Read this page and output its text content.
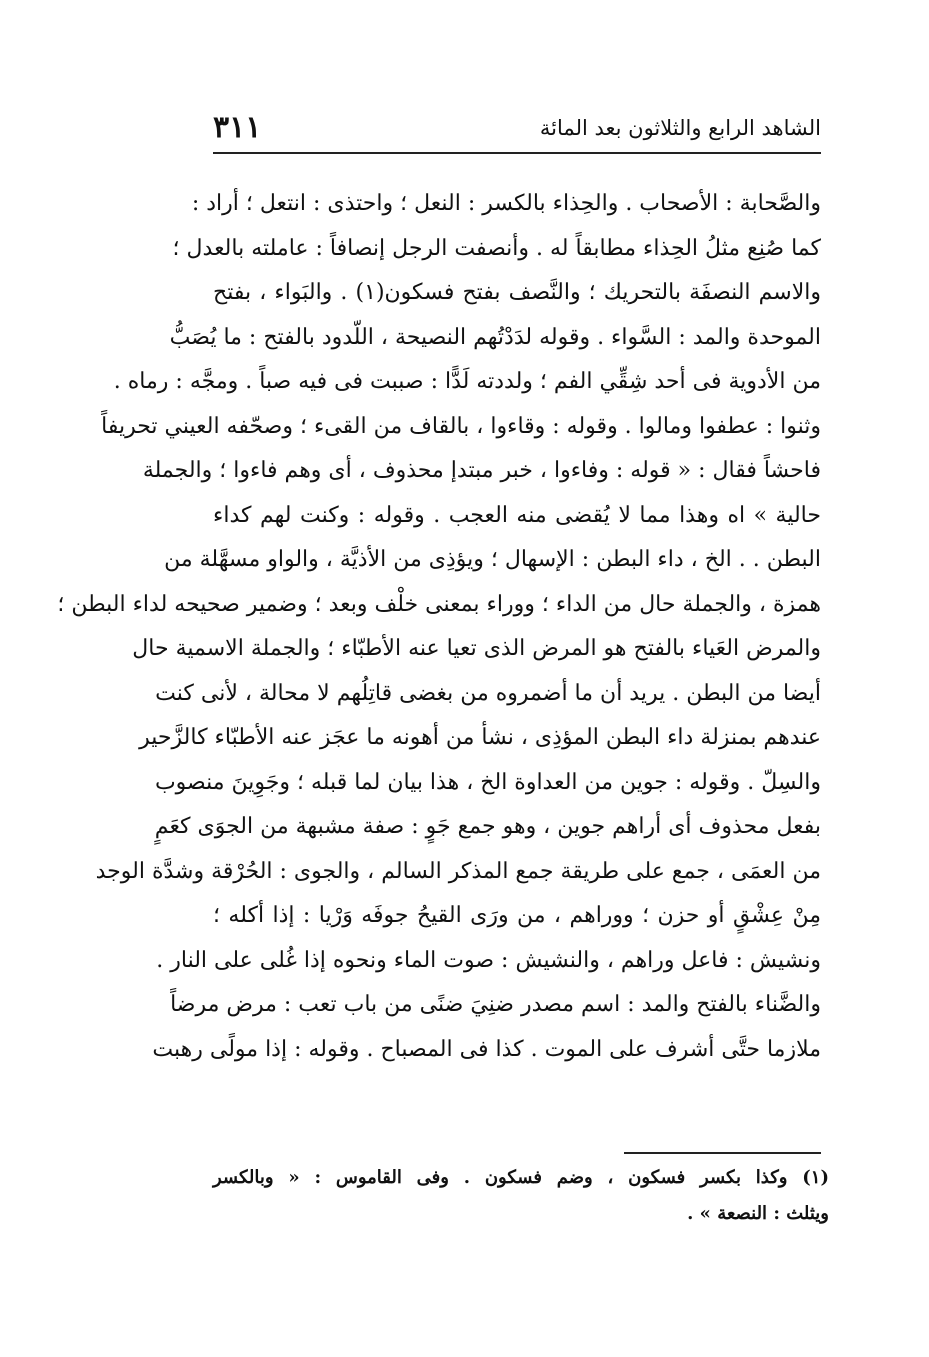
الشاهد الرابع والثلاثون بعد المائة
٣١١
والصَّحابة : الأصحاب . والحِذاء بالكسر : النعل ؛ واحتذى : انتعل ؛ أراد :
كما صُنِع مثلُ الحِذاء مطابقاً له . وأنصفت الرجل إنصافاً : عاملته بالعدل ؛
والاسم النصفَة بالتحريك ؛ والنَّصف بفتح فسكون(١) . والبَواء ، بفتح
الموحدة والمد : السَّواء . وقوله لدَدْتُهم النصيحة ، اللّدود بالفتح : ما يُصَبُّ
من الأدوية فى أحد شِقِّي الفم ؛ ولددته لَدًّا : صببت فى فيه صباً . ومجَّه : رماه .
وثنوا : عطفوا ومالوا . وقوله : وقاءوا ، بالقاف من القىء ؛ وصحّفه العيني تحريفاً
فاحشاً فقال : « قوله : وفاءوا ، خبر مبتدإ محذوف ، أى وهم فاءوا ؛ والجملة
حالية » اه وهذا مما لا يُقضى منه العجب . وقوله : وكنت لهم كداء
البطن . . الخ ، داء البطن : الإسهال ؛ ويؤذِى من الأذيَّة ، والواو مسهَّلة من
همزة ، والجملة حال من الداء ؛ ووراء بمعنى خلْف وبعد ؛ وضمير صحيحه لداء البطن ؛
والمرض العَياء بالفتح هو المرض الذى تعيا عنه الأطبّاء ؛ والجملة الاسمية حال
أيضا من البطن . يريد أن ما أضمروه من بغضى قاتِلُهم لا محالة ، لأنى كنت
عندهم بمنزلة داء البطن المؤذِى ، نشأ من أهونه ما عجَز عنه الأطبّاء كالزَّحير
والسِلّ . وقوله : جوين من العداوة الخ ، هذا بيان لما قبله ؛ وجَوِينَ منصوب
بفعل محذوف أى أراهم جوين ، وهو جمع جَوٍ : صفة مشبهة من الجوَى كعَمٍ
من العمَى ، جمع على طريقة جمع المذكر السالم ، والجوى : الحُرْقة وشدَّة الوجد
مِنْ عِشْقٍ أو حزن ؛ ووراهم ، من ورَى القيحُ جوفَه وَرْيا : إذا أكله ؛
ونشيش : فاعل وراهم ، والنشيش : صوت الماء ونحوه إذا غُلى على النار .
والضَّناء بالفتح والمد : اسم مصدر ضنِيَ ضنًى من باب تعب : مرض مرضاً
ملازما حتَّى أشرف على الموت . كذا فى المصباح . وقوله : إذا مولًى رهبت
(١) وكذا بكسر فسكون ، وضم فسكون . وفى القاموس : « وبالكسر
ويثلث : النصعة » .
